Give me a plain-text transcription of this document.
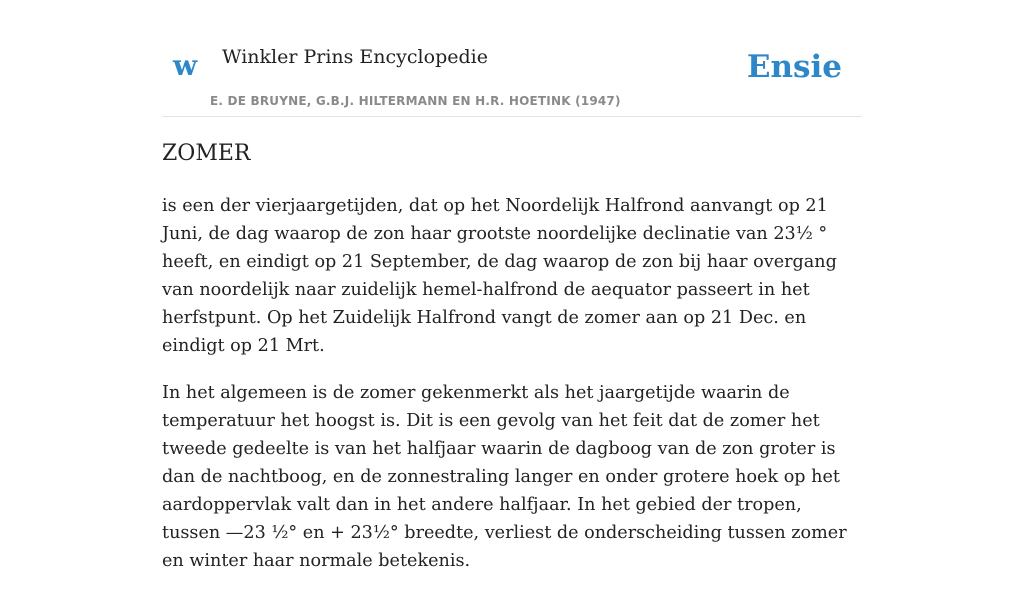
w Winkler Prins Encyclopedie
E. DE BRUYNE, G.B.J. HILTERMANN EN H.R. HOETINK (1947)
Ensie
ZOMER

is een der vierjaargetijden, dat op het Noordelijk Halfrond aanvangt op 21 Juni, de dag waarop de zon haar grootste noordelijke declinatie van 23½ ° heeft, en eindigt op 21 September, de dag waarop de zon bij haar overgang van noordelijk naar zuidelijk hemel-halfrond de aequator passeert in het herfstpunt. Op het Zuidelijk Halfrond vangt de zomer aan op 21 Dec. en eindigt op 21 Mrt.

In het algemeen is de zomer gekenmerkt als het jaargetijde waarin de temperatuur het hoogst is. Dit is een gevolg van het feit dat de zomer het tweede gedeelte is van het halfjaar waarin de dagboog van de zon groter is dan de nachtboog, en de zonnestraling langer en onder grotere hoek op het aardoppervlak valt dan in het andere halfjaar. In het gebied der tropen, tussen —23 ½° en + 23½° breedte, verliest de onderscheiding tussen zomer en winter haar normale betekenis.
